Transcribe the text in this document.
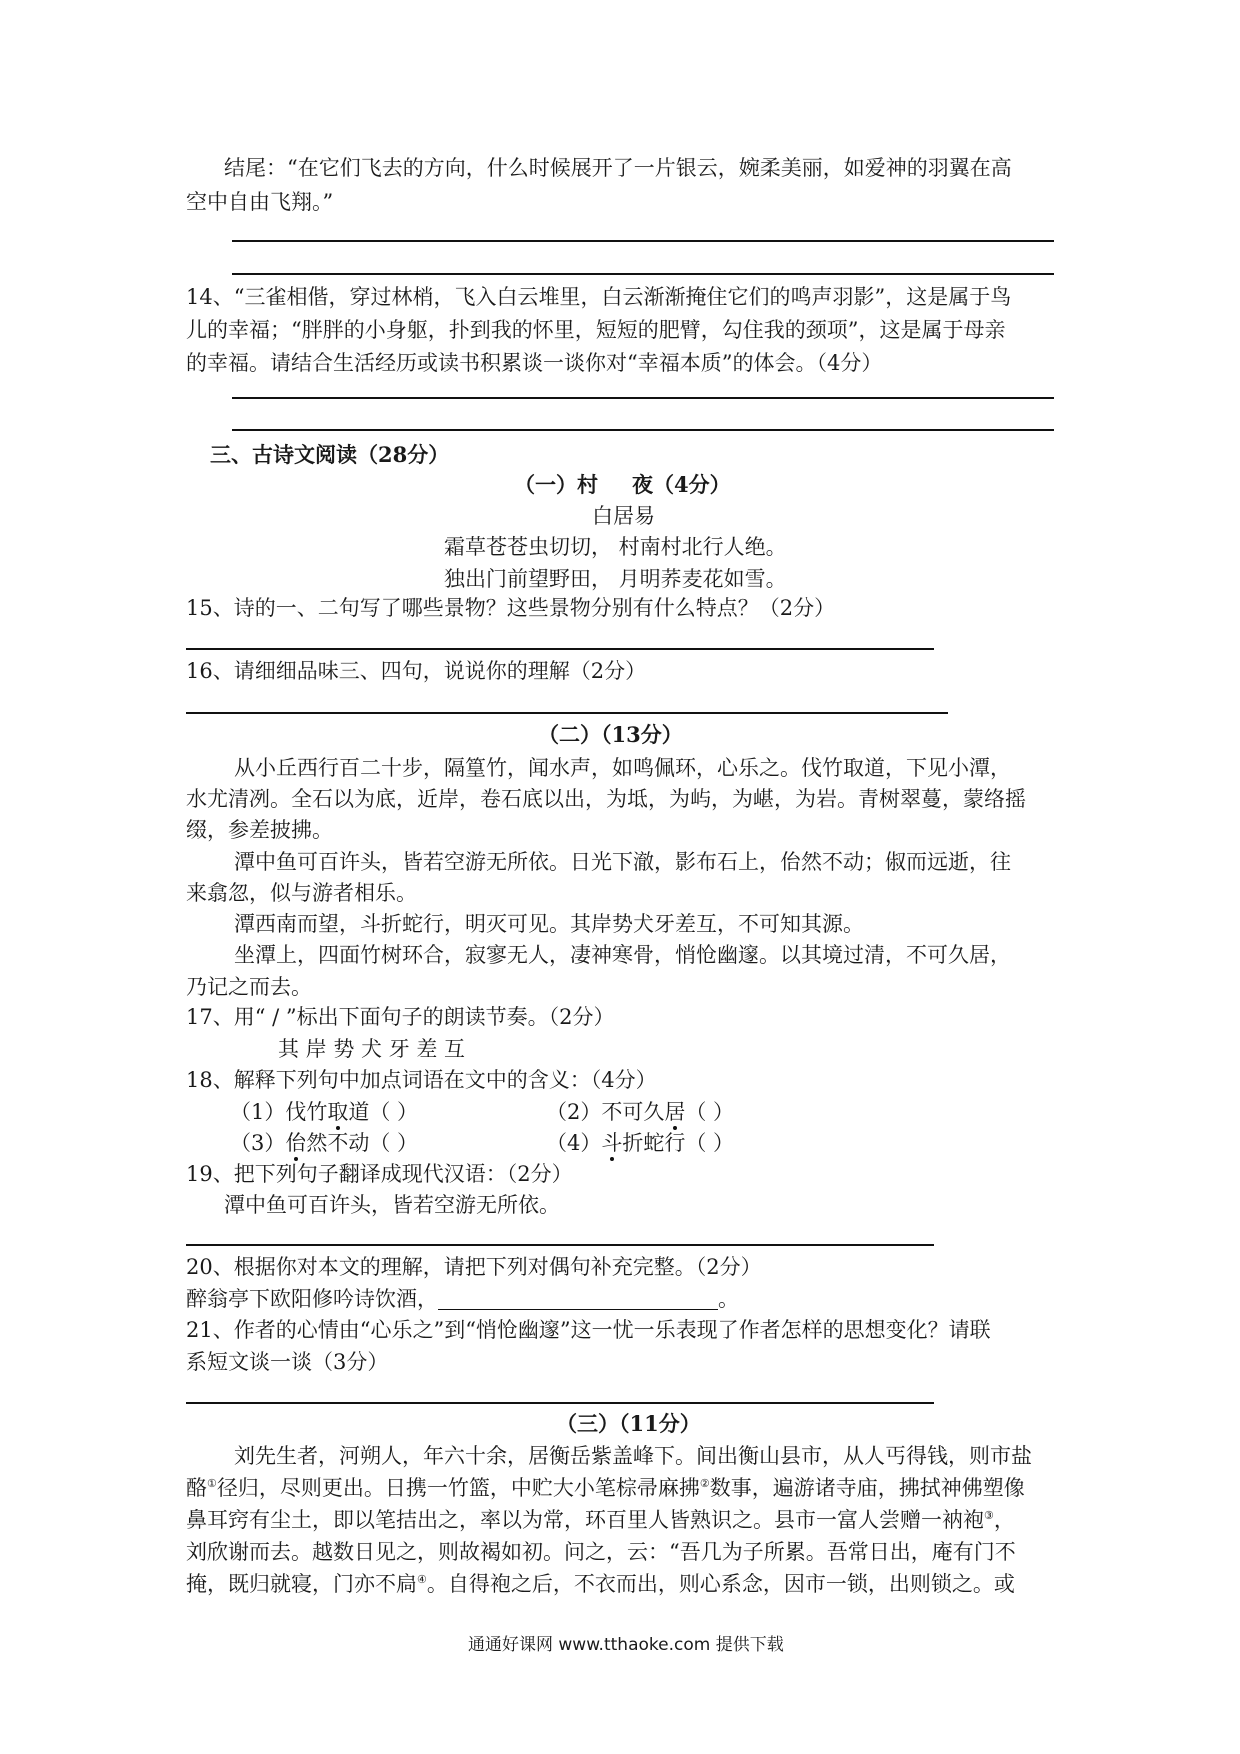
结尾：“在它们飞去的方向，什么时候展开了一片银云，婉柔美丽，如爱神的羽翼在高
空中自由飞翔。”
14、“三雀相偕，穿过林梢，飞入白云堆里，白云渐渐掩住它们的鸣声羽影”，这是属于鸟
儿的幸福；“胖胖的小身躯，扑到我的怀里，短短的肥臂，勾住我的颈项”，这是属于母亲
的幸福。请结合生活经历或读书积累谈一谈你对“幸福本质”的体会。（4分）
三、古诗文阅读（28分）
（一）村 夜（4分）
白居易
霜草苍苍虫切切， 村南村北行人绝。
独出门前望野田， 月明荞麦花如雪。
15、诗的一、二句写了哪些景物？这些景物分别有什么特点？（2分）
16、请细细品味三、四句，说说你的理解（2分）
（二）（13分）
从小丘西行百二十步，隔篁竹，闻水声，如鸣佩环，心乐之。伐竹取道，下见小潭，
水尤清冽。全石以为底，近岸，卷石底以出，为坻，为屿，为嵁，为岩。青树翠蔓，蒙络摇
缀，参差披拂。
潭中鱼可百许头，皆若空游无所依。日光下澈，影布石上，佁然不动；俶而远逝，往
来翕忽，似与游者相乐。
潭西南而望，斗折蛇行，明灭可见。其岸势犬牙差互，不可知其源。
坐潭上，四面竹树环合，寂寥无人，凄神寒骨，悄怆幽邃。以其境过清，不可久居，
乃记之而去。
17、用“ / ”标出下面句子的朗读节奏。（2分）
其 岸 势 犬 牙 差 互
18、解释下列句中加点词语在文中的含义：（4分）
（1）伐竹取道（ ）	（2）不可久居（ ）
（3）佁然不动（ ）	（4）斗折蛇行（ ）
19、把下列句子翻译成现代汉语：（2分）
潭中鱼可百许头，皆若空游无所依。
20、根据你对本文的理解，请把下列对偶句补充完整。（2分）
醉翁亭下欧阳修吟诗饮酒，	。
21、作者的心情由“心乐之”到“悄怆幽邃”这一忧一乐表现了作者怎样的思想变化？请联
系短文谈一谈（3分）
（三）（11分）
刘先生者，河朔人，年六十余，居衡岳紫盖峰下。间出衡山县市，从人丐得钱，则市盐
酪①径归，尽则更出。日携一竹篮，中贮大小笔棕帚麻拂②数事，遍游诸寺庙，拂拭神佛塑像
鼻耳窍有尘土，即以笔拮出之，率以为常，环百里人皆熟识之。县市一富人尝赠一衲袍③，
刘欣谢而去。越数日见之，则故褐如初。问之，云：“吾几为子所累。吾常日出，庵有门不
掩，既归就寝，门亦不扃④。自得袍之后，不衣而出，则心系念，因市一锁，出则锁之。或
通通好课网 www.tthaoke.com 提供下载
